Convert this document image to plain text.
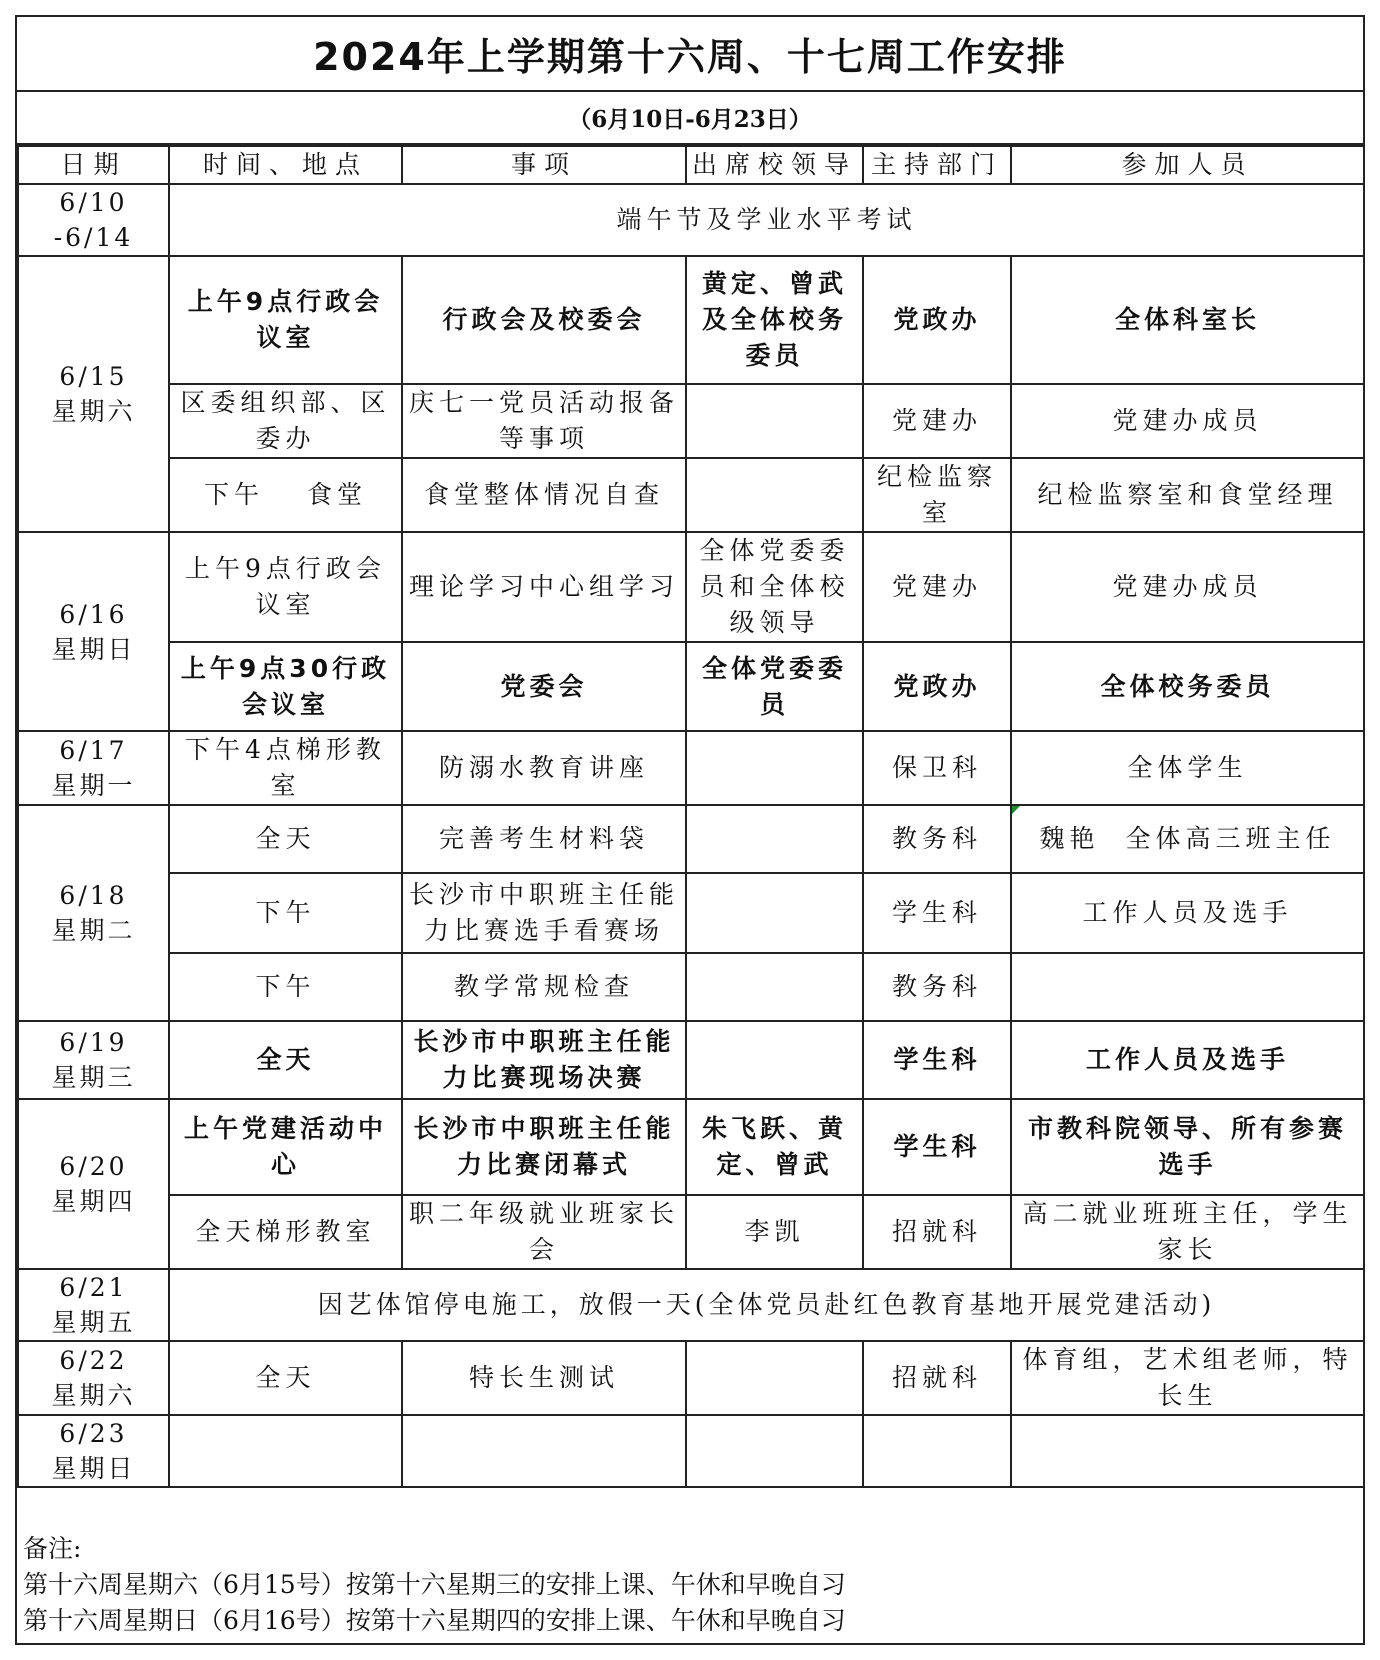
2024年上学期第十六周、十七周工作安排
（6月10日-6月23日）
日期	时间、地点	事项	出席校领导	主持部门	参加人员
6/10
-6/14	端午节及学业水平考试				
6/15
星期六	上午9点行政会议室	行政会及校委会	黄定、曾武及全体校务委员	党政办	全体科室长
	区委组织部、区委办	庆七一党员活动报备等事项		党建办	党建办成员
	下午　 食堂	食堂整体情况自查		纪检监察室	纪检监察室和食堂经理
6/16
星期日	上午9点行政会议室	理论学习中心组学习	全体党委委员和全体校级领导	党建办	党建办成员
	上午9点30行政会议室	党委会	全体党委委员	党政办	全体校务委员
6/17
星期一	下午4点梯形教室	防溺水教育讲座		保卫科	全体学生
6/18
星期二	全天	完善考生材料袋		教务科	魏艳  全体高三班主任
	下午	长沙市中职班主任能力比赛选手看赛场		学生科	工作人员及选手
	下午	教学常规检查		教务科	
6/19
星期三	全天	长沙市中职班主任能力比赛现场决赛		学生科	工作人员及选手
6/20
星期四	上午党建活动中心	长沙市中职班主任能力比赛闭幕式	朱飞跃、黄定、曾武	学生科	市教科院领导、所有参赛选手
	全天梯形教室	职二年级就业班家长会	李凯	招就科	高二就业班班主任，学生家长
6/21
星期五	因艺体馆停电施工，放假一天(全体党员赴红色教育基地开展党建活动)				
6/22
星期六	全天	特长生测试		招就科	体育组，艺术组老师，特长生
6/23
星期日					
备注:
第十六周星期六（6月15号）按第十六星期三的安排上课、午休和早晚自习
第十六周星期日（6月16号）按第十六星期四的安排上课、午休和早晚自习
